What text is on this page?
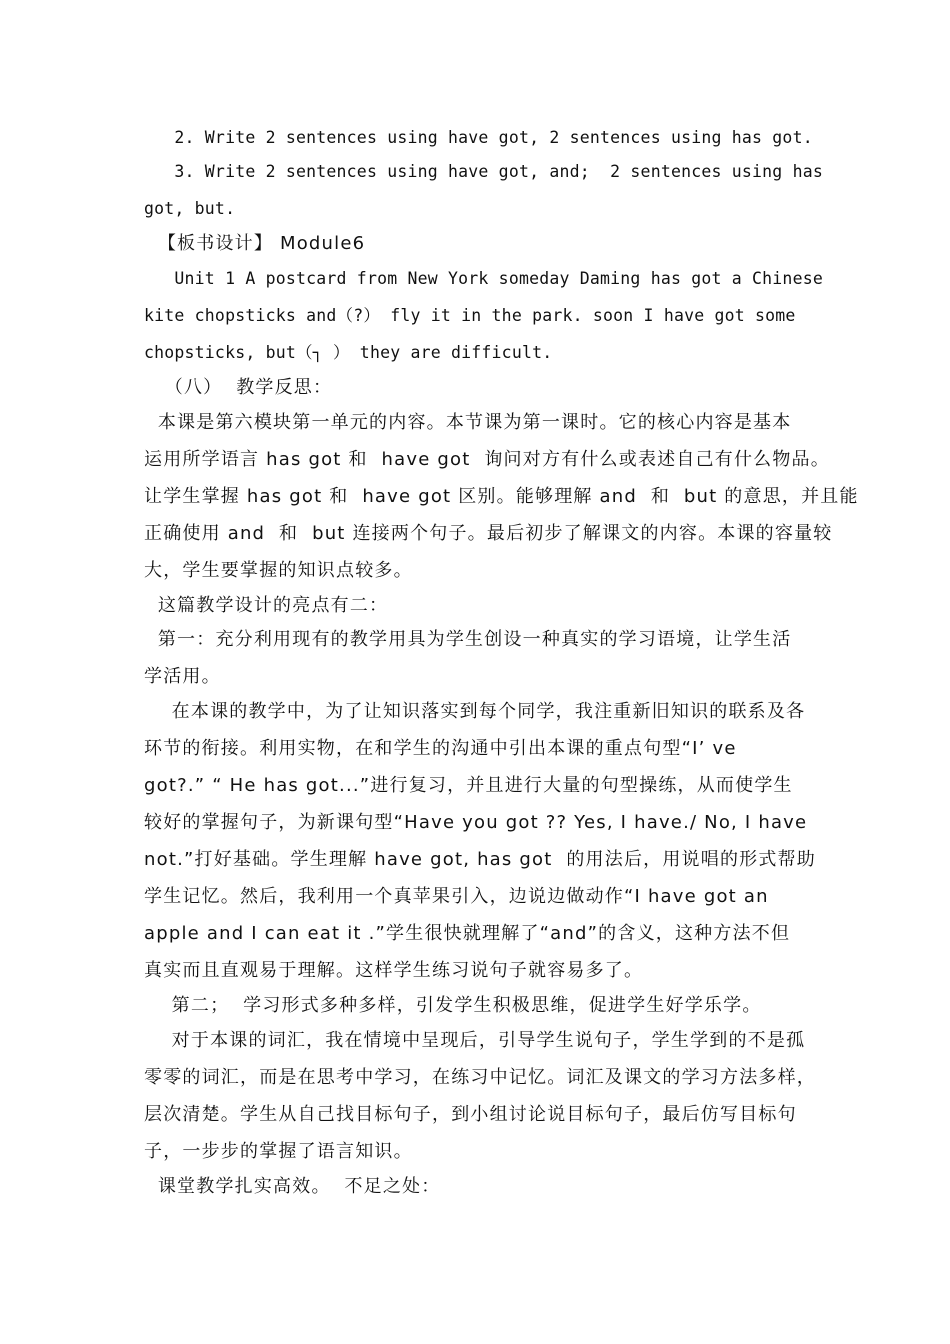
2. Write 2 sentences using have got, 2 sentences using has got.
3. Write 2 sentences using have got, and;  2 sentences using has
got, but.
【板书设计】 Module6
Unit 1 A postcard from New York someday Daming has got a Chinese
kite chopsticks and（?） fly it in the park. soon I have got some
chopsticks, but（┐ ） they are difficult.
（八）  教学反思：
本课是第六模块第一单元的内容。本节课为第一课时。它的核心内容是基本
运用所学语言 has got 和  have got  询问对方有什么或表述自己有什么物品。
让学生掌握 has got 和  have got 区别。能够理解 and  和  but 的意思，并且能
正确使用 and  和  but 连接两个句子。最后初步了解课文的内容。本课的容量较
大，学生要掌握的知识点较多。
这篇教学设计的亮点有二：
第一：充分利用现有的教学用具为学生创设一种真实的学习语境，让学生活
学活用。
在本课的教学中，为了让知识落实到每个同学，我注重新旧知识的联系及各
环节的衔接。利用实物，在和学生的沟通中引出本课的重点句型“I’ ve
got?.” “ He has got...”进行复习，并且进行大量的句型操练，从而使学生
较好的掌握句子，为新课句型“Have you got ?? Yes, I have./ No, I have
not.”打好基础。学生理解 have got, has got  的用法后，用说唱的形式帮助
学生记忆。然后，我利用一个真苹果引入，边说边做动作“I have got an
apple and I can eat it .”学生很快就理解了“and”的含义，这种方法不但
真实而且直观易于理解。这样学生练习说句子就容易多了。
第二；  学习形式多种多样，引发学生积极思维，促进学生好学乐学。
对于本课的词汇，我在情境中呈现后，引导学生说句子，学生学到的不是孤
零零的词汇，而是在思考中学习，在练习中记忆。词汇及课文的学习方法多样，
层次清楚。学生从自己找目标句子，到小组讨论说目标句子，最后仿写目标句
子，一步步的掌握了语言知识。
课堂教学扎实高效。  不足之处：
